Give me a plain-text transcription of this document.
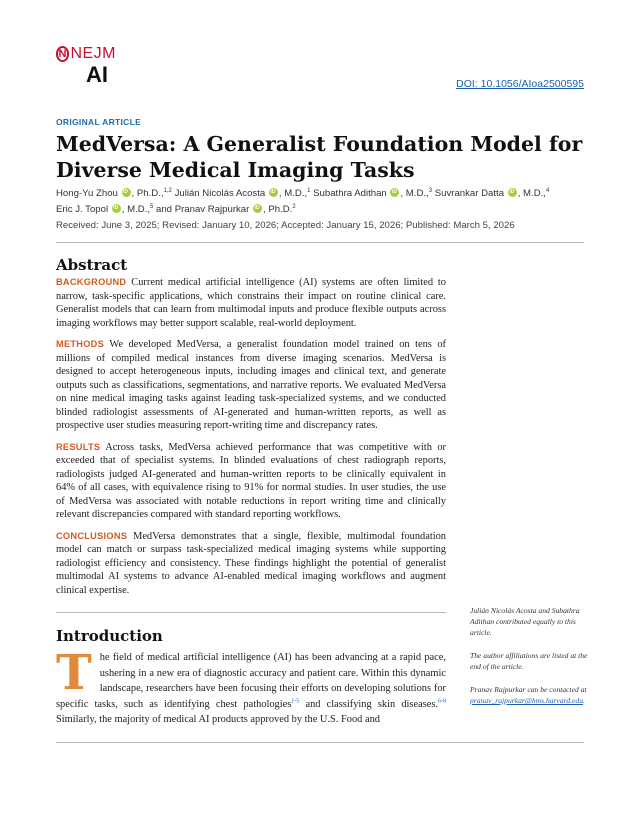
N NEJM
AI	DOI: 10.1056/AIoa2500595
ORIGINAL ARTICLE
MedVersa: A Generalist Foundation Model for Diverse Medical Imaging Tasks
Hong-Yu Zhou iD , Ph.D.,$^{1,2}$ Julián Nicolás Acosta iD , M.D.,$^1$ Subathra Adithan iD , M.D.,$^3$ Suvrankar Datta iD , M.D.,$^4$
Eric J. Topol iD , M.D.,$^5$ and Pranav Rajpurkar iD , Ph.D.$^2$
Received: June 3, 2025; Revised: January 10, 2026; Accepted: January 15, 2026; Published: March 5, 2026
Abstract

BACKGROUND Current medical artificial intelligence (AI) systems are often limited to narrow, task-specific applications, which constrains their impact on routine clinical care. Generalist models that can learn from multimodal inputs and produce flexible outputs across imaging workflows may better support scalable, real-world deployment.

METHODS We developed MedVersa, a generalist foundation model trained on tens of millions of compiled medical instances from diverse imaging scenarios. MedVersa is designed to accept heterogeneous inputs, including images and clinical text, and generate outputs such as classifications, segmentations, and narrative reports. We evaluated MedVersa on nine medical imaging tasks against leading task-specialized systems, and we conducted blinded radiologist assessments of AI-generated and human-written reports, as well as prospective user studies measuring report-writing time and discrepancy rates.

RESULTS Across tasks, MedVersa achieved performance that was competitive with or exceeded that of specialist systems. In blinded evaluations of chest radiograph reports, radiologists judged AI-generated and human-written reports to be clinically equivalent in 64% of all cases, with equivalence rising to 91% for normal studies. In user studies, the use of MedVersa was associated with notable reductions in report writing time and clinically relevant discrepancies compared with standard reporting workflows.

CONCLUSIONS MedVersa demonstrates that a single, flexible, multimodal foundation model can match or surpass task-specialized medical imaging systems while supporting radiologist efficiency and consistency. These findings highlight the potential of generalist multimodal AI systems to advance AI-enabled medical imaging workflows and augment clinical expertise.

Julián Nicolás Acosta and Subathra Adithan contributed equally to this article.
The author affiliations are listed at the end of the article.
Pranav Rajpurkar can be contacted at pranav_rajpurkar@hms.harvard.edu.
Introduction
The field of medical artificial intelligence (AI) has been advancing at a rapid pace, ushering in a new era of diagnostic accuracy and patient care. Within this dynamic landscape, researchers have been focusing their efforts on developing solutions for specific tasks, such as identifying chest pathologies$^{1-5}$ and classifying skin diseases.$^{6-8}$ Similarly, the majority of medical AI products approved by the U.S. Food and
